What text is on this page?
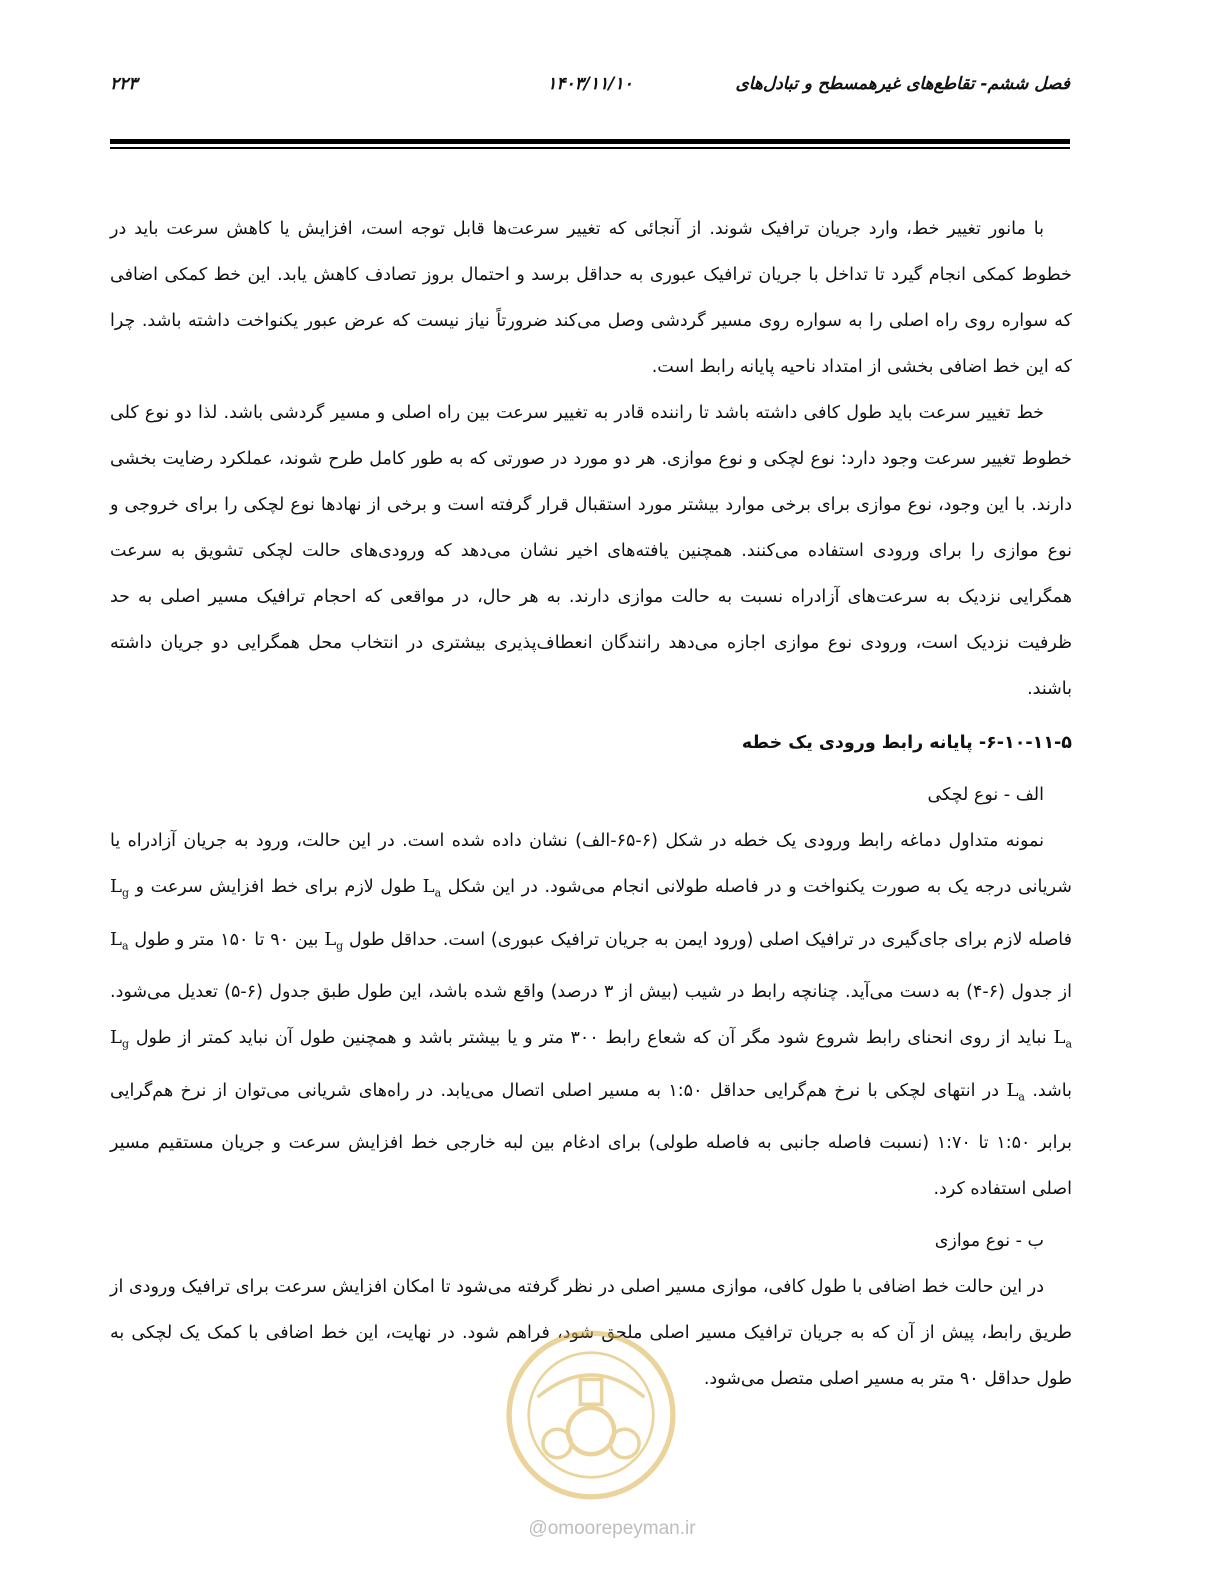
فصل ششم- تقاطع‌های غیرهمسطح و تبادل‌های
۱۴۰۳/۱۱/۱۰
۲۲۳

با مانور تغییر خط، وارد جریان ترافیک شوند. از آنجائی که تغییر سرعت‌ها قابل توجه است، افزایش یا کاهش سرعت باید در خطوط کمکی انجام گیرد تا تداخل با جریان ترافیک عبوری به حداقل برسد و احتمال بروز تصادف کاهش یابد. این خط کمکی اضافی که سواره روی راه اصلی را به سواره روی مسیر گردشی وصل می‌کند ضرورتاً نیاز نیست که عرض عبور یکنواخت داشته باشد. چرا که این خط اضافی بخشی از امتداد ناحیه پایانه رابط است.

خط تغییر سرعت باید طول کافی داشته باشد تا راننده قادر به تغییر سرعت بین راه اصلی و مسیر گردشی باشد. لذا دو نوع کلی خطوط تغییر سرعت وجود دارد: نوع لچکی و نوع موازی. هر دو مورد در صورتی که به طور کامل طرح شوند، عملکرد رضایت بخشی دارند. با این وجود، نوع موازی برای برخی موارد بیشتر مورد استقبال قرار گرفته است و برخی از نهادها نوع لچکی را برای خروجی و نوع موازی را برای ورودی استفاده می‌کنند. همچنین یافته‌های اخیر نشان می‌دهد که ورودی‌های حالت لچکی تشویق به سرعت همگرایی نزدیک به سرعت‌های آزادراه نسبت به حالت موازی دارند. به هر حال، در مواقعی که احجام ترافیک مسیر اصلی به حد ظرفیت نزدیک است، ورودی نوع موازی اجازه می‌دهد رانندگان انعطاف‌پذیری بیشتری در انتخاب محل همگرایی دو جریان داشته باشند.

۶-۱۰-۱۱-۵- پایانه رابط ورودی یک خطه
الف - نوع لچکی

نمونه متداول دماغه رابط ورودی یک خطه در شکل (۶-۶۵-الف) نشان داده شده است. در این حالت، ورود به جریان آزادراه یا شریانی درجه یک به صورت یکنواخت و در فاصله طولانی انجام می‌شود. در این شکل $L_a$ طول لازم برای خط افزایش سرعت و $L_g$ فاصله لازم برای جای‌گیری در ترافیک اصلی (ورود ایمن به جریان ترافیک عبوری) است. حداقل طول $L_g$ بین ۹۰ تا ۱۵۰ متر و طول $L_a$ از جدول (۶-۴) به دست می‌آید. چنانچه رابط در شیب (بیش از ۳ درصد) واقع شده باشد، این طول طبق جدول (۶-۵) تعدیل می‌شود. $L_a$ نباید از روی انحنای رابط شروع شود مگر آن که شعاع رابط ۳۰۰ متر و یا بیشتر باشد و همچنین طول آن نباید کمتر از طول $L_g$ باشد. $L_a$ در انتهای لچکی با نرخ هم‌گرایی حداقل ۱:۵۰ به مسیر اصلی اتصال می‌یابد. در راه‌های شریانی می‌توان از نرخ هم‌گرایی برابر ۱:۵۰ تا ۱:۷۰ (نسبت فاصله جانبی به فاصله طولی) برای ادغام بین لبه خارجی خط افزایش سرعت و جریان مستقیم مسیر اصلی استفاده کرد.

ب - نوع موازی

در این حالت خط اضافی با طول کافی، موازی مسیر اصلی در نظر گرفته می‌شود تا امکان افزایش سرعت برای ترافیک ورودی از طریق رابط، پیش از آن که به جریان ترافیک مسیر اصلی ملحق شود، فراهم شود. در نهایت، این خط اضافی با کمک یک لچکی به طول حداقل ۹۰ متر به مسیر اصلی متصل می‌شود.

@omoorepeyman.ir
